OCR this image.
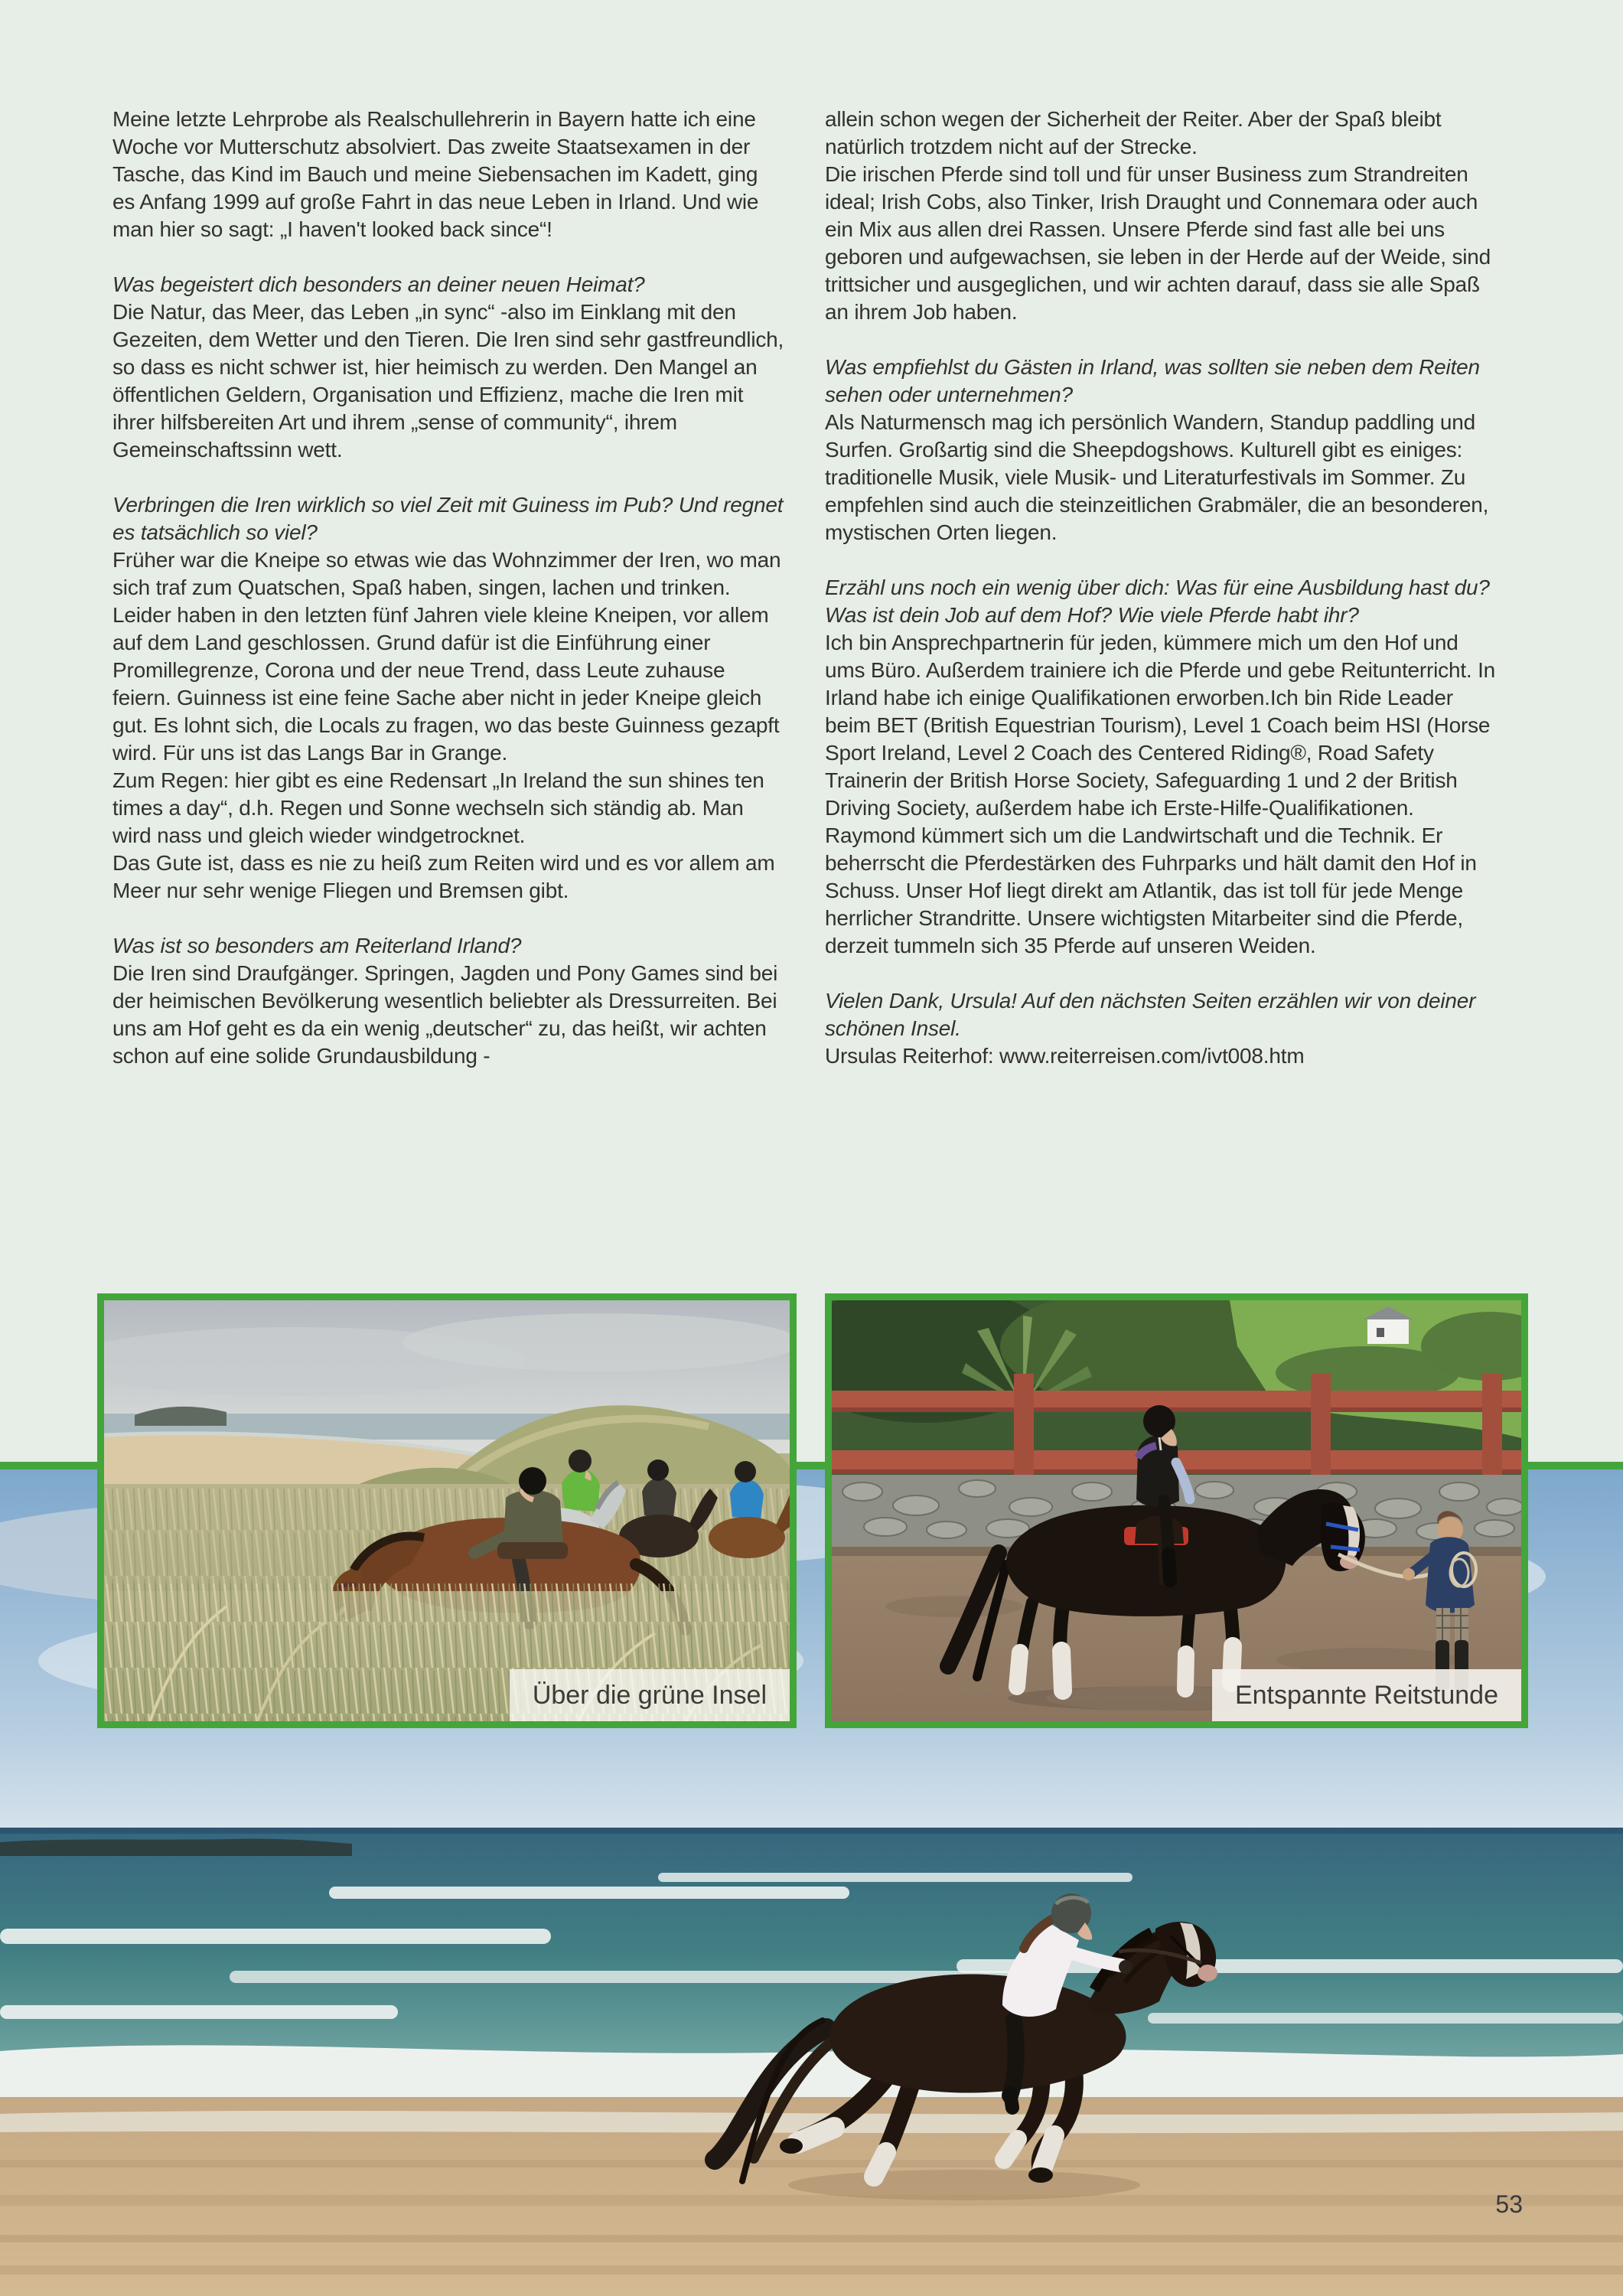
Meine letzte Lehrprobe als Realschullehrerin in Bayern hatte ich eine Woche vor Mutterschutz absolviert. Das zweite Staatsexamen in der Tasche, das Kind im Bauch und meine Siebensachen im Kadett, ging es Anfang 1999 auf große Fahrt in das neue Leben in Irland. Und wie man hier so sagt: „I haven't looked back since“!

Was begeistert dich besonders an deiner neuen Heimat?

Die Natur, das Meer, das Leben „in sync“ -also im Einklang mit den Gezeiten, dem Wetter und den Tieren. Die Iren sind sehr gastfreundlich, so dass es nicht schwer ist, hier heimisch zu werden. Den Mangel an öffentlichen Geldern, Organisation und Effizienz, mache die Iren mit ihrer hilfsbereiten Art und ihrem „sense of community“, ihrem Gemeinschaftssinn wett.

Verbringen die Iren wirklich so viel Zeit mit Guiness im Pub? Und regnet es tatsächlich so viel?

Früher war die Kneipe so etwas wie das Wohnzimmer der Iren, wo man sich traf zum Quatschen, Spaß haben, singen, lachen und trinken.

Leider haben in den letzten fünf Jahren viele kleine Kneipen, vor allem auf dem Land geschlossen. Grund dafür ist die Einführung einer Promillegrenze, Corona und der neue Trend, dass Leute zuhause feiern. Guinness ist eine feine Sache aber nicht in jeder Kneipe gleich gut. Es lohnt sich, die Locals zu fragen, wo das beste Guinness gezapft wird. Für uns ist das Langs Bar in Grange.

Zum Regen: hier gibt es eine Redensart „In Ireland the sun shines ten times a day“, d.h. Regen und Sonne wechseln sich ständig ab. Man wird nass und gleich wieder windgetrocknet.

Das Gute ist, dass es nie zu heiß zum Reiten wird und es vor allem am Meer nur sehr wenige Fliegen und Bremsen gibt.

Was ist so besonders am Reiterland Irland?

Die Iren sind Draufgänger. Springen, Jagden und Pony Games sind bei der heimischen Bevölkerung wesentlich beliebter als Dressurreiten. Bei uns am Hof geht es da ein wenig „deutscher“ zu, das heißt, wir achten schon auf eine solide Grundausbildung -

allein schon wegen der Sicherheit der Reiter. Aber der Spaß bleibt natürlich trotzdem nicht auf der Strecke.

Die irischen Pferde sind toll und für unser Business zum Strandreiten ideal; Irish Cobs, also Tinker, Irish Draught und Connemara oder auch ein Mix aus allen drei Rassen. Unsere Pferde sind fast alle bei uns geboren und aufgewachsen, sie leben in der Herde auf der Weide, sind trittsicher und ausgeglichen, und wir achten darauf, dass sie alle Spaß an ihrem Job haben.

Was empfiehlst du Gästen in Irland, was sollten sie neben dem Reiten sehen oder unternehmen?

Als Naturmensch mag ich persönlich Wandern, Standup paddling und Surfen. Großartig sind die Sheepdogshows. Kulturell gibt es einiges: traditionelle Musik, viele Musik- und Literaturfestivals im Sommer. Zu empfehlen sind auch die steinzeitlichen Grabmäler, die an besonderen, mystischen Orten liegen.

Erzähl uns noch ein wenig über dich: Was für eine Ausbildung hast du? Was ist dein Job auf dem Hof? Wie viele Pferde habt ihr?

Ich bin Ansprechpartnerin für jeden, kümmere mich um den Hof und ums Büro. Außerdem trainiere ich die Pferde und gebe Reitunterricht. In Irland habe ich einige Qualifikationen erworben.Ich bin Ride Leader beim BET (British Equestrian Tourism), Level 1 Coach beim HSI (Horse Sport Ireland, Level 2 Coach des Centered Riding®, Road Safety Trainerin der British Horse Society, Safeguarding 1 und 2 der British Driving Society, außerdem habe ich Erste-Hilfe-Qualifikationen. Raymond kümmert sich um die Landwirtschaft und die Technik. Er beherrscht die Pferdestärken des Fuhrparks und hält damit den Hof in Schuss. Unser Hof liegt direkt am Atlantik, das ist toll für jede Menge herrlicher Strandritte. Unsere wichtigsten Mitarbeiter sind die Pferde, derzeit tummeln sich 35 Pferde auf unseren Weiden.

Vielen Dank, Ursula! Auf den nächsten Seiten erzählen wir von deiner schönen Insel.

Ursulas Reiterhof: www.reiterreisen.com/ivt008.htm

Über die grüne Insel	Entspannte Reitstunde
53
